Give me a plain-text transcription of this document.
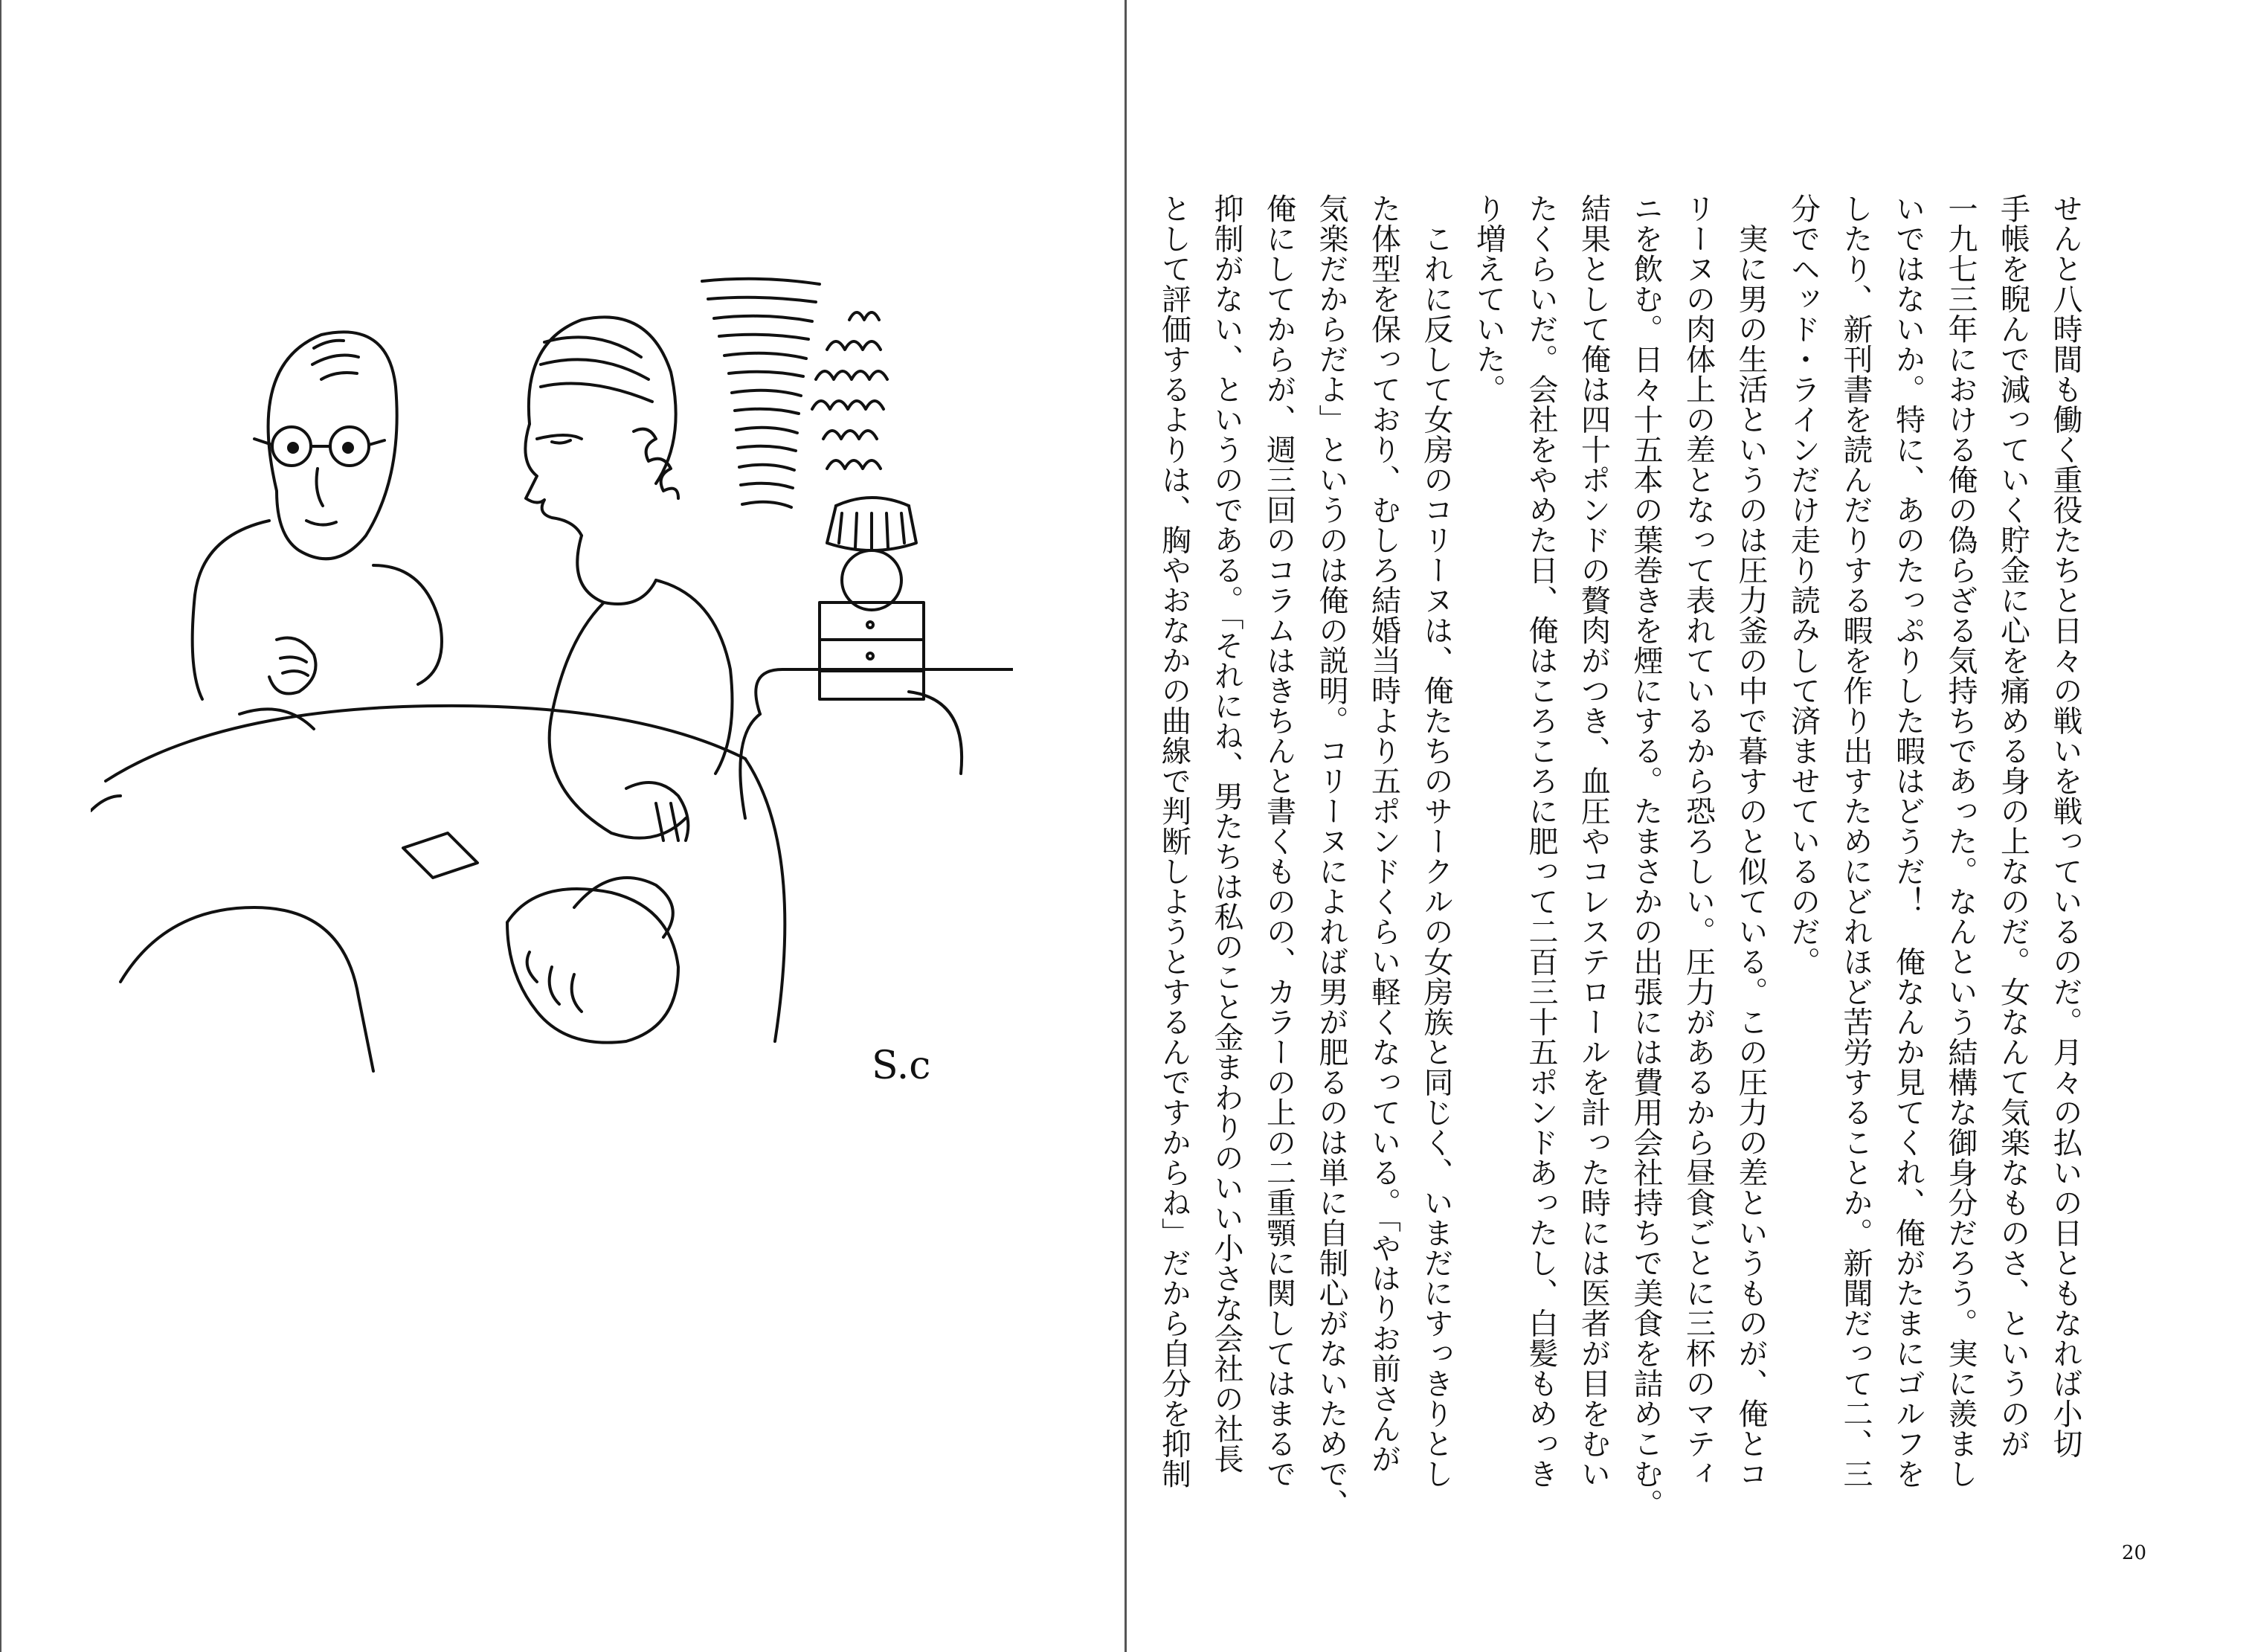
S.c	せんと八時間も働く重役たちと日々の戦いを戦っているのだ。月々の払いの日ともなれば小切

手帳を睨んで減っていく貯金に心を痛める身の上なのだ。女なんて気楽なものさ、というのが

一九七三年における俺の偽らざる気持ちであった。なんという結構な御身分だろう。実に羨まし

いではないか。特に、あのたっぷりした暇はどうだ！　俺なんか見てくれ、俺がたまにゴルフを

したり、新刊書を読んだりする暇を作り出すためにどれほど苦労することか。新聞だって二、三

分でヘッド・ラインだけ走り読みして済ませているのだ。

　実に男の生活というのは圧力釜の中で暮すのと似ている。この圧力の差というものが、俺とコ

リーヌの肉体上の差となって表れているから恐ろしい。圧力があるから昼食ごとに三杯のマティ

ニを飲む。日々十五本の葉巻きを煙にする。たまさかの出張には費用会社持ちで美食を詰めこむ。

結果として俺は四十ポンドの贅肉がつき、血圧やコレステロールを計った時には医者が目をむい

たくらいだ。会社をやめた日、俺はころころに肥って二百三十五ポンドあったし、白髪もめっき

り増えていた。

　これに反して女房のコリーヌは、俺たちのサークルの女房族と同じく、いまだにすっきりとし

た体型を保っており、むしろ結婚当時より五ポンドくらい軽くなっている。「やはりお前さんが

気楽だからだよ」というのは俺の説明。コリーヌによれば男が肥るのは単に自制心がないためで、

俺にしてからが、週三回のコラムはきちんと書くものの、カラーの上の二重顎に関してはまるで

抑制がない、というのである。「それにね、男たちは私のこと金まわりのいい小さな会社の社長

として評価するよりは、胸やおなかの曲線で判断しようとするんですからね」だから自分を抑制

20
